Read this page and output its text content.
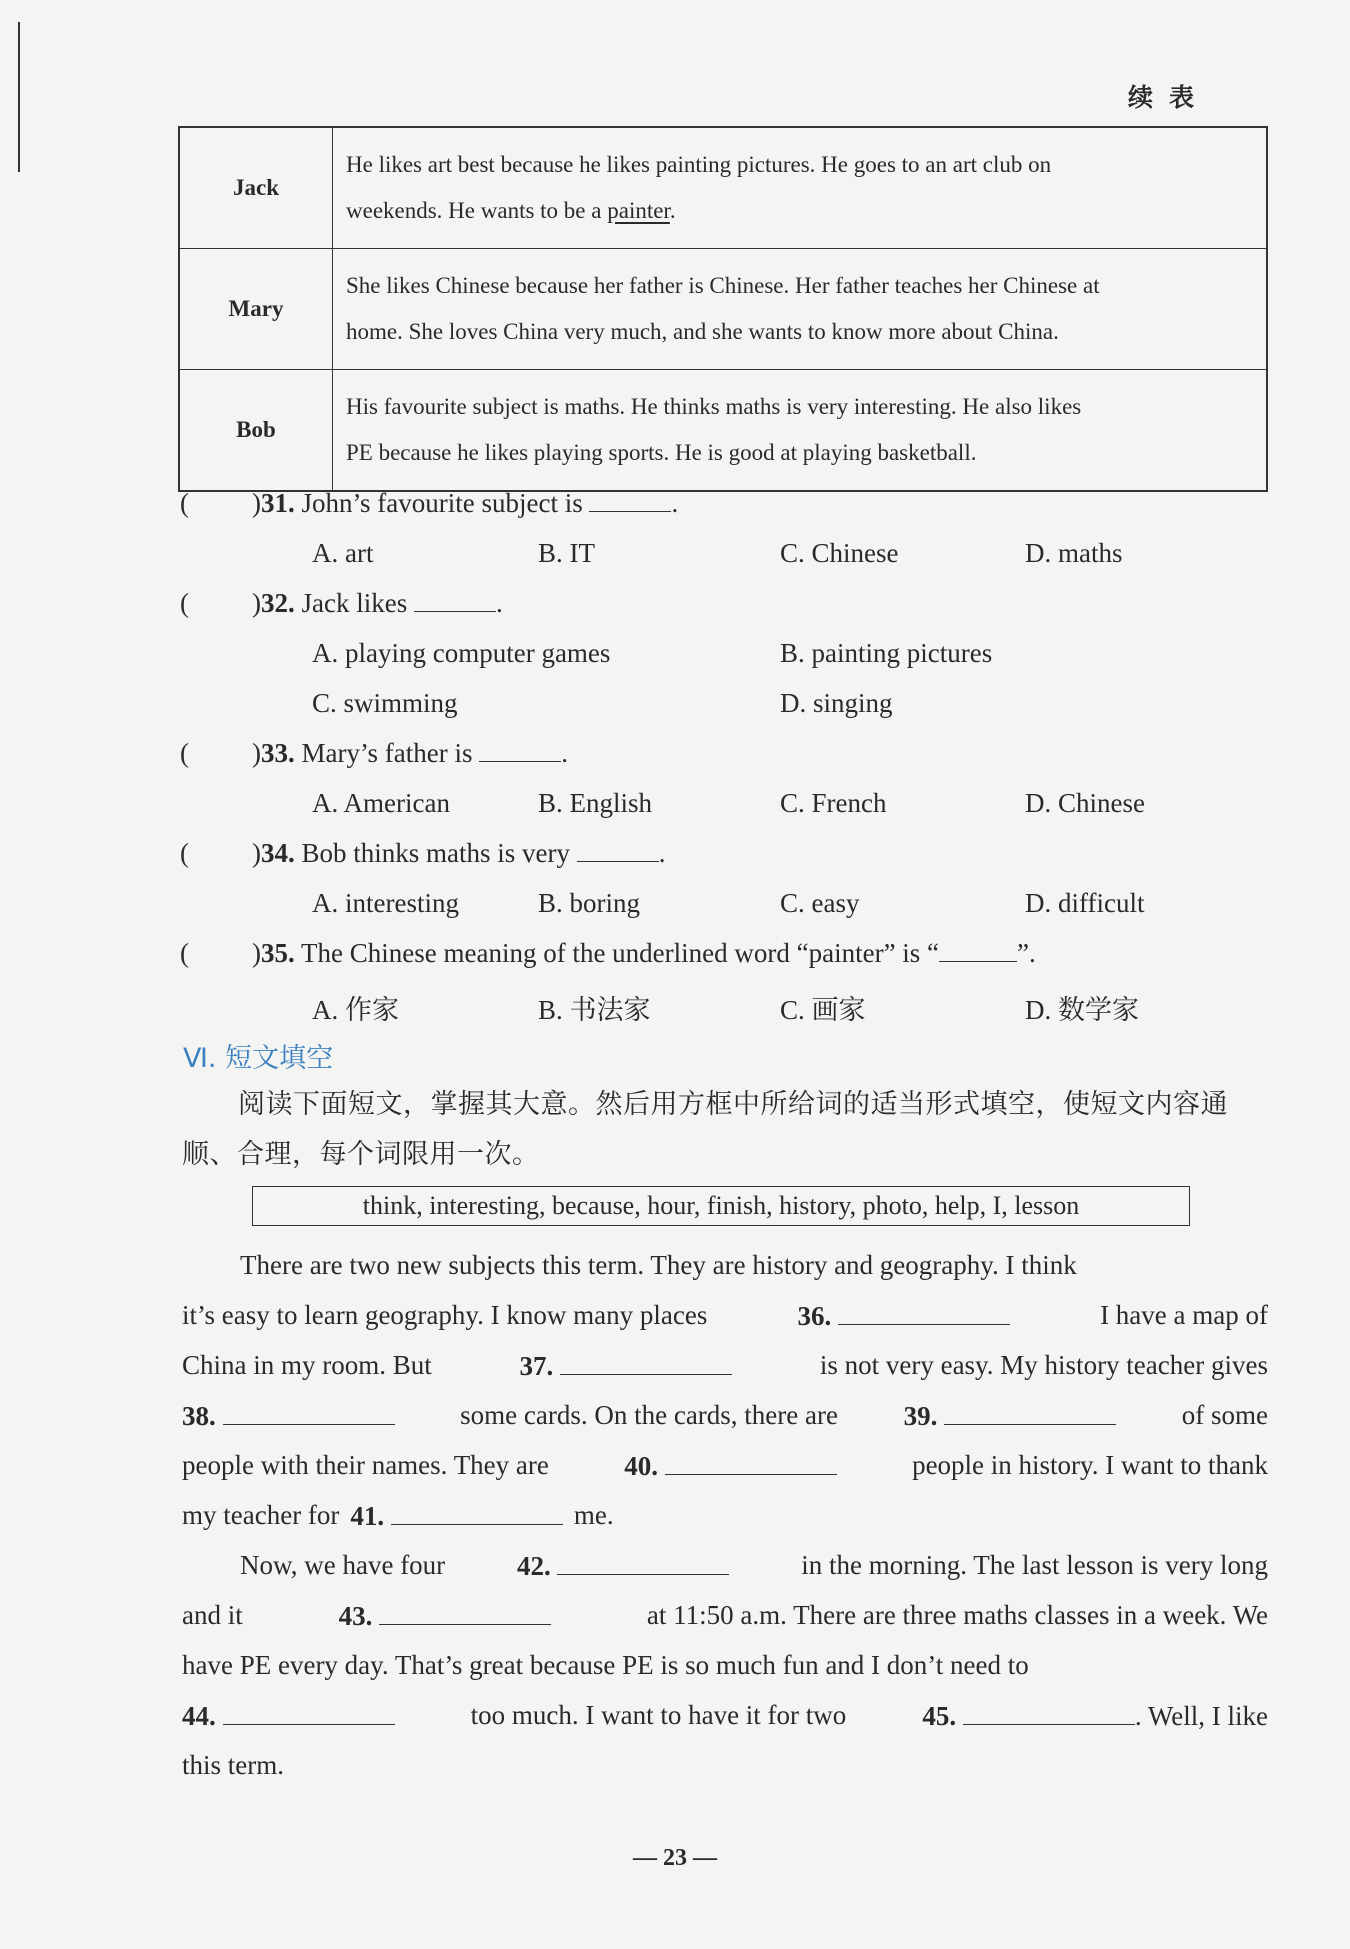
续表
Jack	He likes art best because he likes painting pictures. He goes to an art club on
weekends. He wants to be a painter.
Mary	She likes Chinese because her father is Chinese. Her father teaches her Chinese at
home. She loves China very much, and she wants to know more about China.
Bob	His favourite subject is maths. He thinks maths is very interesting. He also likes
PE because he likes playing sports. He is good at playing basketball.
( )31. John’s favourite subject is	.
A. art	B. IT	C. Chinese	D. maths
( )32. Jack likes	.
A. playing computer games	B. painting pictures
C. swimming	D. singing
( )33. Mary’s father is	.
A. American	B. English	C. French	D. Chinese
( )34. Bob thinks maths is very	.
A. interesting	B. boring	C. easy	D. difficult
( )35. The Chinese meaning of the underlined word “painter” is “	”.
A. 作家	B. 书法家	C. 画家	D. 数学家
Ⅵ. 短文填空
阅读下面短文，掌握其大意。然后用方框中所给词的适当形式填空，使短文内容通顺、合理，每个词限用一次。
think, interesting, because, hour, finish, history, photo, help, I, lesson
There are two new subjects this term. They are history and geography. I think
it’s easy to learn geography. I know many places	36.	I have a map of
China in my room. But	37.	is not very easy. My history teacher gives
38.	some cards. On the cards, there are 39.	of some
people with their names. They are	40.	people in history. I want to thank
my teacher for 41.	me.
Now, we have four	42.	in the morning. The last lesson is very long
and it	43.	at 11:50 a.m. There are three maths classes in a week. We
have PE every day. That’s great because PE is so much fun and I don’t need to
44.	too much. I want to have it for two	45.	. Well, I like
this term.
— 23 —
